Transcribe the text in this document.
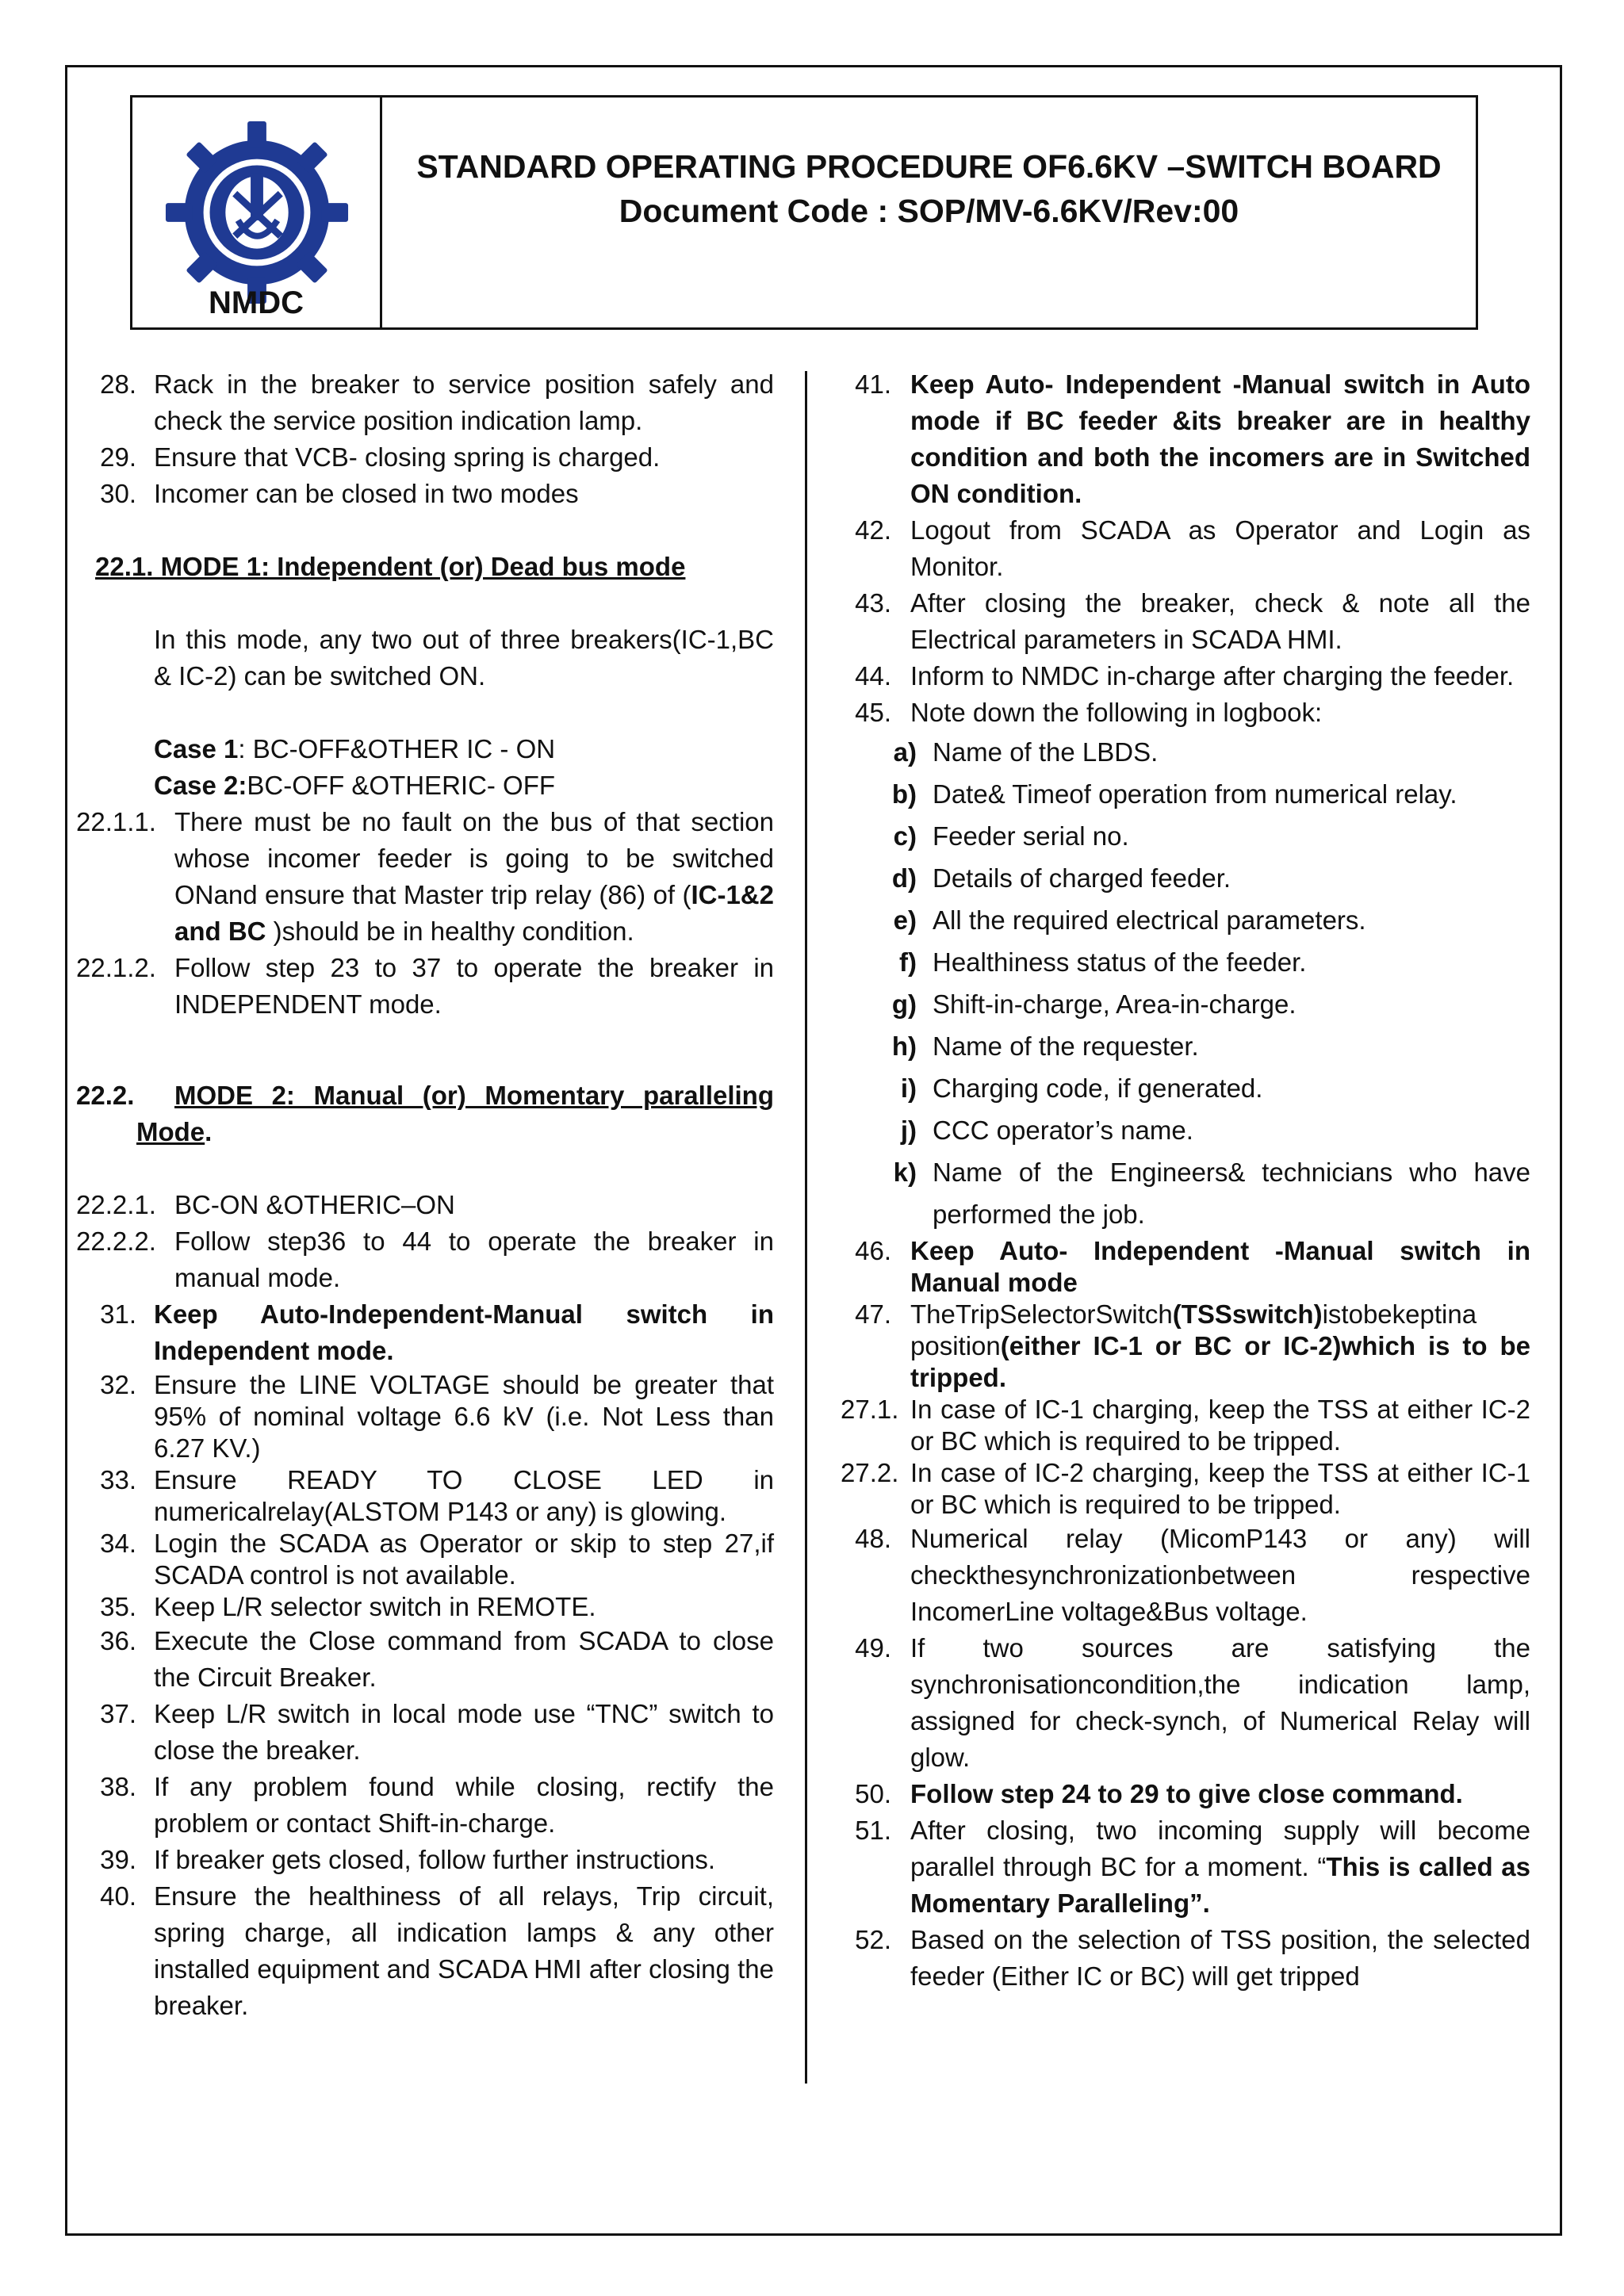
NMDC
STANDARD OPERATING PROCEDURE OF6.6KV –SWITCH BOARD
Document Code : SOP/MV-6.6KV/Rev:00
28. Rack in the breaker to service position safely and check the service position indication lamp.
29. Ensure that VCB- closing spring is charged.
30. Incomer can be closed in two modes
22.1. MODE 1: Independent (or) Dead bus mode
In this mode, any two out of three breakers(IC-1,BC & IC-2) can be switched ON.
Case 1: BC-OFF&OTHER IC - ON
Case 2:BC-OFF &OTHERIC- OFF
22.1.1. There must be no fault on the bus of that section whose incomer feeder is going to be switched ONand ensure that Master trip relay (86) of (IC-1&2 and BC )should be in healthy condition.
22.1.2. Follow step 23 to 37 to operate the breaker in INDEPENDENT mode.
22.2.	MODE 2: Manual (or) Momentary paralleling
Mode.
22.2.1. BC-ON &OTHERIC–ON
22.2.2. Follow step36 to 44 to operate the breaker in manual mode.
31. Keep Auto-Independent-Manual switch in Independent mode.
32. Ensure the LINE VOLTAGE should be greater that 95% of nominal voltage 6.6 kV (i.e. Not Less than 6.27 KV.)
33. Ensure READY TO CLOSE LED in numericalrelay(ALSTOM P143 or any) is glowing.
34. Login the SCADA as Operator or skip to step 27,if SCADA control is not available.
35. Keep L/R selector switch in REMOTE.
36. Execute the Close command from SCADA to close the Circuit Breaker.
37. Keep L/R switch in local mode use “TNC” switch to close the breaker.
38. If any problem found while closing, rectify the problem or contact Shift-in-charge.
39. If breaker gets closed, follow further instructions.
40. Ensure the healthiness of all relays, Trip circuit, spring charge, all indication lamps & any other installed equipment and SCADA HMI after closing the breaker.
41. Keep Auto- Independent -Manual switch in Auto mode if BC feeder &its breaker are in healthy condition and both the incomers are in Switched ON condition.
42. Logout from SCADA as Operator and Login as Monitor.
43. After closing the breaker, check & note all the Electrical parameters in SCADA HMI.
44. Inform to NMDC in-charge after charging the feeder.
45. Note down the following in logbook:
a) Name of the LBDS.
b) Date& Timeof operation from numerical relay.
c) Feeder serial no.
d) Details of charged feeder.
e) All the required electrical parameters.
f) Healthiness status of the feeder.
g) Shift-in-charge, Area-in-charge.
h) Name of the requester.
i) Charging code, if generated.
j) CCC operator’s name.
k) Name of the Engineers& technicians who have performed the job.
46. Keep Auto- Independent -Manual switch in Manual mode
47. TheTripSelectorSwitch(TSSswitch)istobekeptina position(either IC-1 or BC or IC-2)which is to be tripped.
27.1. In case of IC-1 charging, keep the TSS at either IC-2 or BC which is required to be tripped.
27.2. In case of IC-2 charging, keep the TSS at either IC-1 or BC which is required to be tripped.
48. Numerical relay (MicomP143 or any) will checkthesynchronizationbetween respective IncomerLine voltage&Bus voltage.
49. If two sources are satisfying the synchronisationcondition,the indication lamp, assigned for check-synch, of Numerical Relay will glow.
50. Follow step 24 to 29 to give close command.
51. After closing, two incoming supply will become parallel through BC for a moment. “This is called as Momentary Paralleling”.
52. Based on the selection of TSS position, the selected feeder (Either IC or BC) will get tripped
